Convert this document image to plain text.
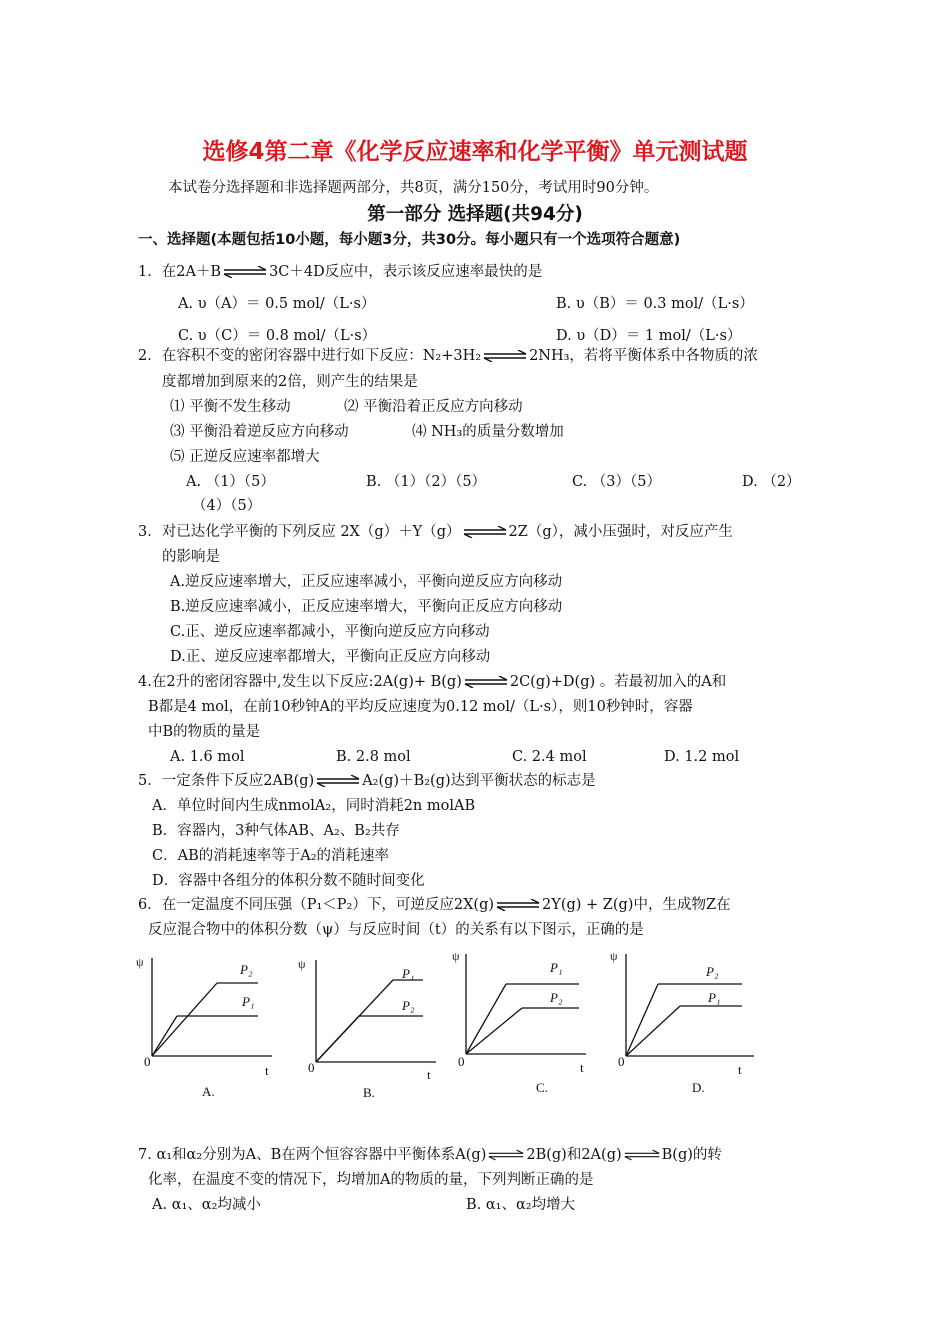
选修4第二章《化学反应速率和化学平衡》单元测试题
本试卷分选择题和非选择题两部分，共8页，满分150分，考试用时90分钟。
第一部分 选择题(共94分)
一、选择题(本题包括10小题，每小题3分，共30分。每小题只有一个选项符合题意)
1．在2A＋B	3C＋4D反应中，表示该反应速率最快的是
A. υ（A）＝ 0.5 mol/（L·s）	B. υ（B）＝ 0.3 mol/（L·s）
C. υ（C）＝ 0.8 mol/（L·s）	D. υ（D）＝ 1 mol/（L·s）
2．在容积不变的密闭容器中进行如下反应：N₂+3H₂	2NH₃，若将平衡体系中各物质的浓
度都增加到原来的2倍，则产生的结果是
⑴ 平衡不发生移动	⑵ 平衡沿着正反应方向移动
⑶ 平衡沿着逆反应方向移动	⑷ NH₃的质量分数增加
⑸ 正逆反应速率都增大
A. （1）（5）	B. （1）（2）（5）	C. （3）（5）	D. （2）
（4）（5）
3．对已达化学平衡的下列反应 2X（g）＋Y（g）	2Z（g），减小压强时，对反应产生
的影响是
A.逆反应速率增大，正反应速率减小，平衡向逆反应方向移动
B.逆反应速率减小，正反应速率增大，平衡向正反应方向移动
C.正、逆反应速率都减小，平衡向逆反应方向移动
D.正、逆反应速率都增大，平衡向正反应方向移动
4.在2升的密闭容器中,发生以下反应:2A(g)+ B(g)	2C(g)+D(g) 。若最初加入的A和
B都是4 mol，在前10秒钟A的平均反应速度为0.12 mol/（L·s），则10秒钟时，容器
中B的物质的量是
A. 1.6 mol	B. 2.8 mol	C. 2.4 mol	D. 1.2 mol
5．一定条件下反应2AB(g)	A₂(g)＋B₂(g)达到平衡状态的标志是
A．单位时间内生成nmolA₂，同时消耗2n molAB
B．容器内，3种气体AB、A₂、B₂共存
C．AB的消耗速率等于A₂的消耗速率
D．容器中各组分的体积分数不随时间变化
6．在一定温度不同压强（P₁＜P₂）下，可逆反应2X(g)	2Y(g) + Z(g)中，生成物Z在
反应混合物中的体积分数（ψ）与反应时间（t）的关系有以下图示，正确的是
ψ
0
t
P₂
P₁
A.
ψ
0	t
P₁
P₂
B.
ψ
0	t
P₁
P₂
C.
ψ
0
t
P₂
P₁
D.
7. α₁和α₂分别为A、B在两个恒容容器中平衡体系A(g)	2B(g)和2A(g)	B(g)的转
化率，在温度不变的情况下，均增加A的物质的量，下列判断正确的是
A. α₁、α₂均减小	B. α₁、α₂均增大
